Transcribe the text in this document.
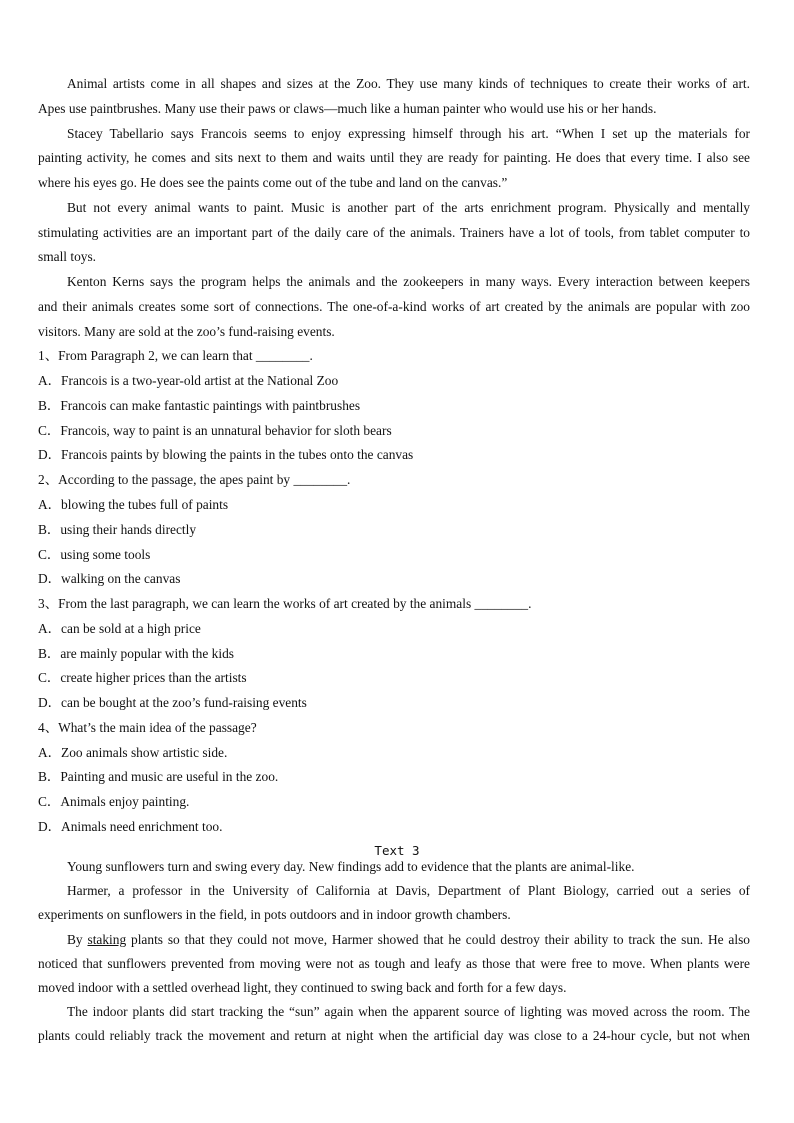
Animal artists come in all shapes and sizes at the Zoo. They use many kinds of techniques to create their works of art.
Apes use paintbrushes. Many use their paws or claws—much like a human painter who would use his or her hands.
Stacey Tabellario says Francois seems to enjoy expressing himself through his art. “When I set up the materials for
painting activity, he comes and sits next to them and waits until they are ready for painting. He does that every time. I also see
where his eyes go. He does see the paints come out of the tube and land on the canvas.”
But not every animal wants to paint. Music is another part of the arts enrichment program. Physically and mentally
stimulating activities are an important part of the daily care of the animals. Trainers have a lot of tools, from tablet computer to
small toys.
Kenton Kerns says the program helps the animals and the zookeepers in many ways. Every interaction between keepers
and their animals creates some sort of connections. The one-of-a-kind works of art created by the animals are popular with zoo
visitors. Many are sold at the zoo’s fund-raising events.
1、From Paragraph 2, we can learn that ________.
A．Francois is a two-year-old artist at the National Zoo
B．Francois can make fantastic paintings with paintbrushes
C．Francois, way to paint is an unnatural behavior for sloth bears
D．Francois paints by blowing the paints in the tubes onto the canvas
2、According to the passage, the apes paint by ________.
A．blowing the tubes full of paints
B．using their hands directly
C．using some tools
D．walking on the canvas
3、From the last paragraph, we can learn the works of art created by the animals ________.
A．can be sold at a high price
B．are mainly popular with the kids
C．create higher prices than the artists
D．can be bought at the zoo’s fund-raising events
4、What’s the main idea of the passage?
A．Zoo animals show artistic side.
B．Painting and music are useful in the zoo.
C．Animals enjoy painting.
D．Animals need enrichment too.
Text 3
Young sunflowers turn and swing every day. New findings add to evidence that the plants are animal-like.
Harmer, a professor in the University of California at Davis, Department of Plant Biology, carried out a series of
experiments on sunflowers in the field, in pots outdoors and in indoor growth chambers.
By staking plants so that they could not move, Harmer showed that he could destroy their ability to track the sun. He also
noticed that sunflowers prevented from moving were not as tough and leafy as those that were free to move. When plants were
moved indoor with a settled overhead light, they continued to swing back and forth for a few days.
The indoor plants did start tracking the “sun” again when the apparent source of lighting was moved across the room. The
plants could reliably track the movement and return at night when the artificial day was close to a 24-hour cycle, but not when
